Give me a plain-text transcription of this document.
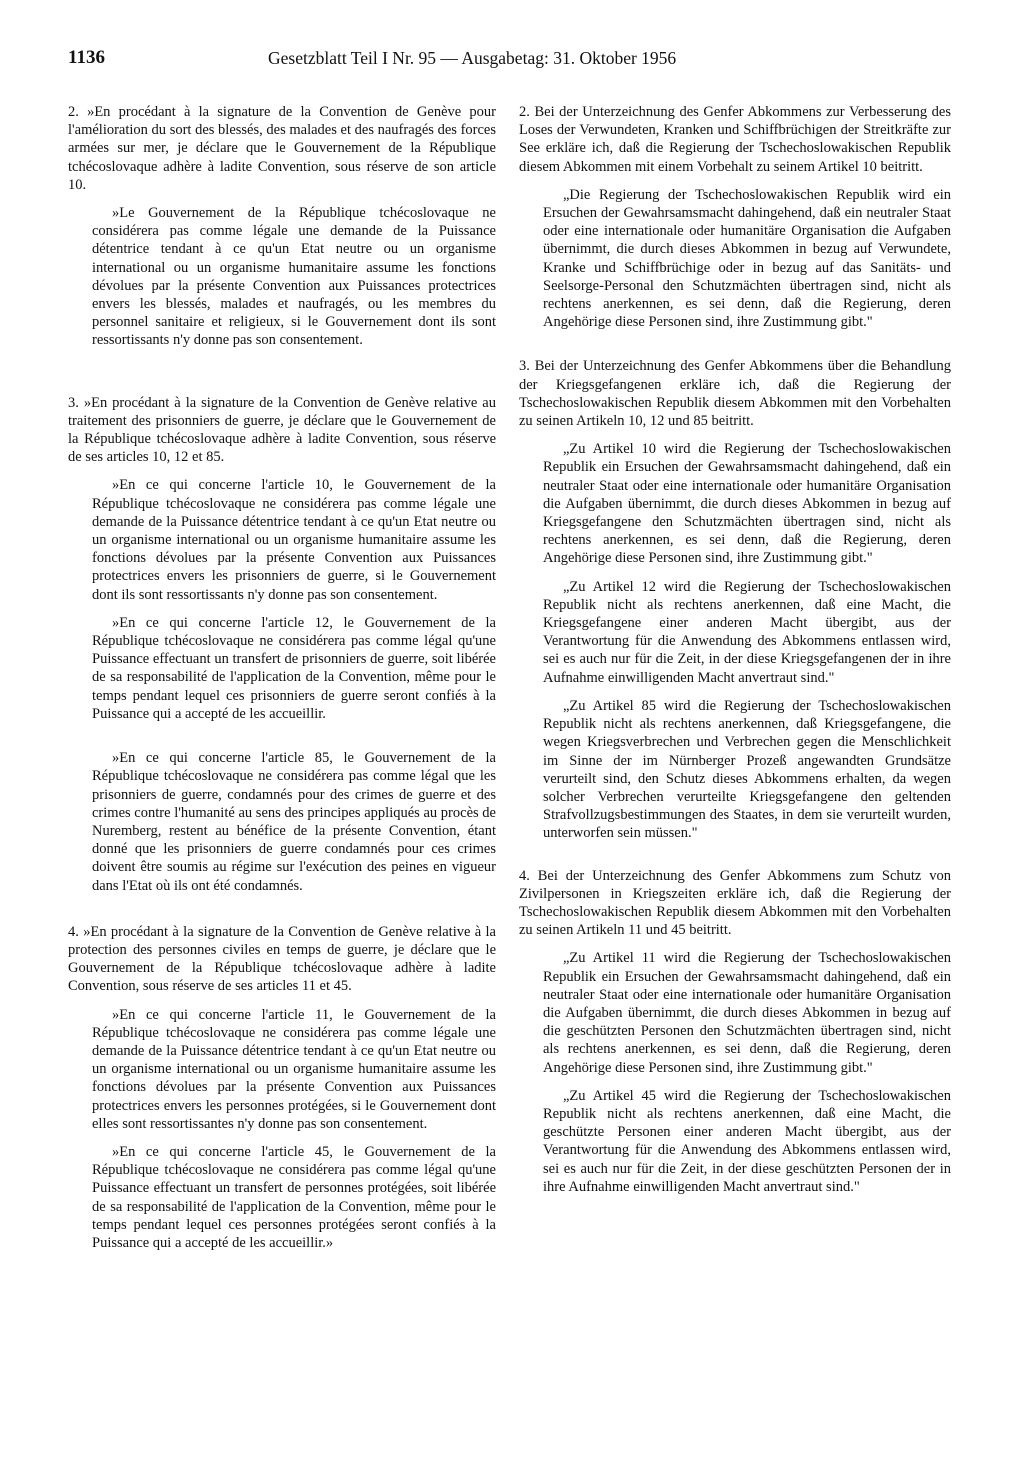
1136	Gesetzblatt Teil I Nr. 95 — Ausgabetag: 31. Oktober 1956

2. »En procédant à la signature de la Convention de Genève pour l'amélioration du sort des blessés, des malades et des naufragés des forces armées sur mer, je déclare que le Gouvernement de la République tchécoslovaque adhère à ladite Convention, sous réserve de son article 10.

»Le Gouvernement de la République tchécoslovaque ne considérera pas comme légale une demande de la Puissance détentrice tendant à ce qu'un Etat neutre ou un organisme international ou un organisme humanitaire assume les fonctions dévolues par la présente Convention aux Puissances protectrices envers les blessés, malades et naufragés, ou les membres du personnel sanitaire et religieux, si le Gouvernement dont ils sont ressortissants n'y donne pas son consentement.

3. »En procédant à la signature de la Convention de Genève relative au traitement des prisonniers de guerre, je déclare que le Gouvernement de la République tchécoslovaque adhère à ladite Convention, sous réserve de ses articles 10, 12 et 85.

»En ce qui concerne l'article 10, le Gouvernement de la République tchécoslovaque ne considérera pas comme légale une demande de la Puissance détentrice tendant à ce qu'un Etat neutre ou un organisme international ou un organisme humanitaire assume les fonctions dévolues par la présente Convention aux Puissances protectrices envers les prisonniers de guerre, si le Gouvernement dont ils sont ressortissants n'y donne pas son consentement.

»En ce qui concerne l'article 12, le Gouvernement de la République tchécoslovaque ne considérera pas comme légal qu'une Puissance effectuant un transfert de prisonniers de guerre, soit libérée de sa responsabilité de l'application de la Convention, même pour le temps pendant lequel ces prisonniers de guerre seront confiés à la Puissance qui a accepté de les accueillir.

»En ce qui concerne l'article 85, le Gouvernement de la République tchécoslovaque ne considérera pas comme légal que les prisonniers de guerre, condamnés pour des crimes de guerre et des crimes contre l'humanité au sens des principes appliqués au procès de Nuremberg, restent au bénéfice de la présente Convention, étant donné que les prisonniers de guerre condamnés pour ces crimes doivent être soumis au régime sur l'exécution des peines en vigueur dans l'Etat où ils ont été condamnés.

4. »En procédant à la signature de la Convention de Genève relative à la protection des personnes civiles en temps de guerre, je déclare que le Gouvernement de la République tchécoslovaque adhère à ladite Convention, sous réserve de ses articles 11 et 45.

»En ce qui concerne l'article 11, le Gouvernement de la République tchécoslovaque ne considérera pas comme légale une demande de la Puissance détentrice tendant à ce qu'un Etat neutre ou un organisme international ou un organisme humanitaire assume les fonctions dévolues par la présente Convention aux Puissances protectrices envers les personnes protégées, si le Gouvernement dont elles sont ressortissantes n'y donne pas son consentement.

»En ce qui concerne l'article 45, le Gouvernement de la République tchécoslovaque ne considérera pas comme légal qu'une Puissance effectuant un transfert de personnes protégées, soit libérée de sa responsabilité de l'application de la Convention, même pour le temps pendant lequel ces personnes protégées seront confiés à la Puissance qui a accepté de les accueillir.»

2. Bei der Unterzeichnung des Genfer Abkommens zur Verbesserung des Loses der Verwundeten, Kranken und Schiffbrüchigen der Streitkräfte zur See erkläre ich, daß die Regierung der Tschechoslowakischen Republik diesem Abkommen mit einem Vorbehalt zu seinem Artikel 10 beitritt.

„Die Regierung der Tschechoslowakischen Republik wird ein Ersuchen der Gewahrsamsmacht dahingehend, daß ein neutraler Staat oder eine internationale oder humanitäre Organisation die Aufgaben übernimmt, die durch dieses Abkommen in bezug auf Verwundete, Kranke und Schiffbrüchige oder in bezug auf das Sanitäts- und Seelsorge-Personal den Schutzmächten übertragen sind, nicht als rechtens anerkennen, es sei denn, daß die Regierung, deren Angehörige diese Personen sind, ihre Zustimmung gibt."

3. Bei der Unterzeichnung des Genfer Abkommens über die Behandlung der Kriegsgefangenen erkläre ich, daß die Regierung der Tschechoslowakischen Republik diesem Abkommen mit den Vorbehalten zu seinen Artikeln 10, 12 und 85 beitritt.

„Zu Artikel 10 wird die Regierung der Tschechoslowakischen Republik ein Ersuchen der Gewahrsamsmacht dahingehend, daß ein neutraler Staat oder eine internationale oder humanitäre Organisation die Aufgaben übernimmt, die durch dieses Abkommen in bezug auf Kriegsgefangene den Schutzmächten übertragen sind, nicht als rechtens anerkennen, es sei denn, daß die Regierung, deren Angehörige diese Personen sind, ihre Zustimmung gibt."

„Zu Artikel 12 wird die Regierung der Tschechoslowakischen Republik nicht als rechtens anerkennen, daß eine Macht, die Kriegsgefangene einer anderen Macht übergibt, aus der Verantwortung für die Anwendung des Abkommens entlassen wird, sei es auch nur für die Zeit, in der diese Kriegsgefangenen der in ihre Aufnahme einwilligenden Macht anvertraut sind."

„Zu Artikel 85 wird die Regierung der Tschechoslowakischen Republik nicht als rechtens anerkennen, daß Kriegsgefangene, die wegen Kriegsverbrechen und Verbrechen gegen die Menschlichkeit im Sinne der im Nürnberger Prozeß angewandten Grundsätze verurteilt sind, den Schutz dieses Abkommens erhalten, da wegen solcher Verbrechen verurteilte Kriegsgefangene den geltenden Strafvollzugsbestimmungen des Staates, in dem sie verurteilt wurden, unterworfen sein müssen."

4. Bei der Unterzeichnung des Genfer Abkommens zum Schutz von Zivilpersonen in Kriegszeiten erkläre ich, daß die Regierung der Tschechoslowakischen Republik diesem Abkommen mit den Vorbehalten zu seinen Artikeln 11 und 45 beitritt.

„Zu Artikel 11 wird die Regierung der Tschechoslowakischen Republik ein Ersuchen der Gewahrsamsmacht dahingehend, daß ein neutraler Staat oder eine internationale oder humanitäre Organisation die Aufgaben übernimmt, die durch dieses Abkommen in bezug auf die geschützten Personen den Schutzmächten übertragen sind, nicht als rechtens anerkennen, es sei denn, daß die Regierung, deren Angehörige diese Personen sind, ihre Zustimmung gibt."

„Zu Artikel 45 wird die Regierung der Tschechoslowakischen Republik nicht als rechtens anerkennen, daß eine Macht, die geschützte Personen einer anderen Macht übergibt, aus der Verantwortung für die Anwendung des Abkommens entlassen wird, sei es auch nur für die Zeit, in der diese geschützten Personen der in ihre Aufnahme einwilligenden Macht anvertraut sind."
